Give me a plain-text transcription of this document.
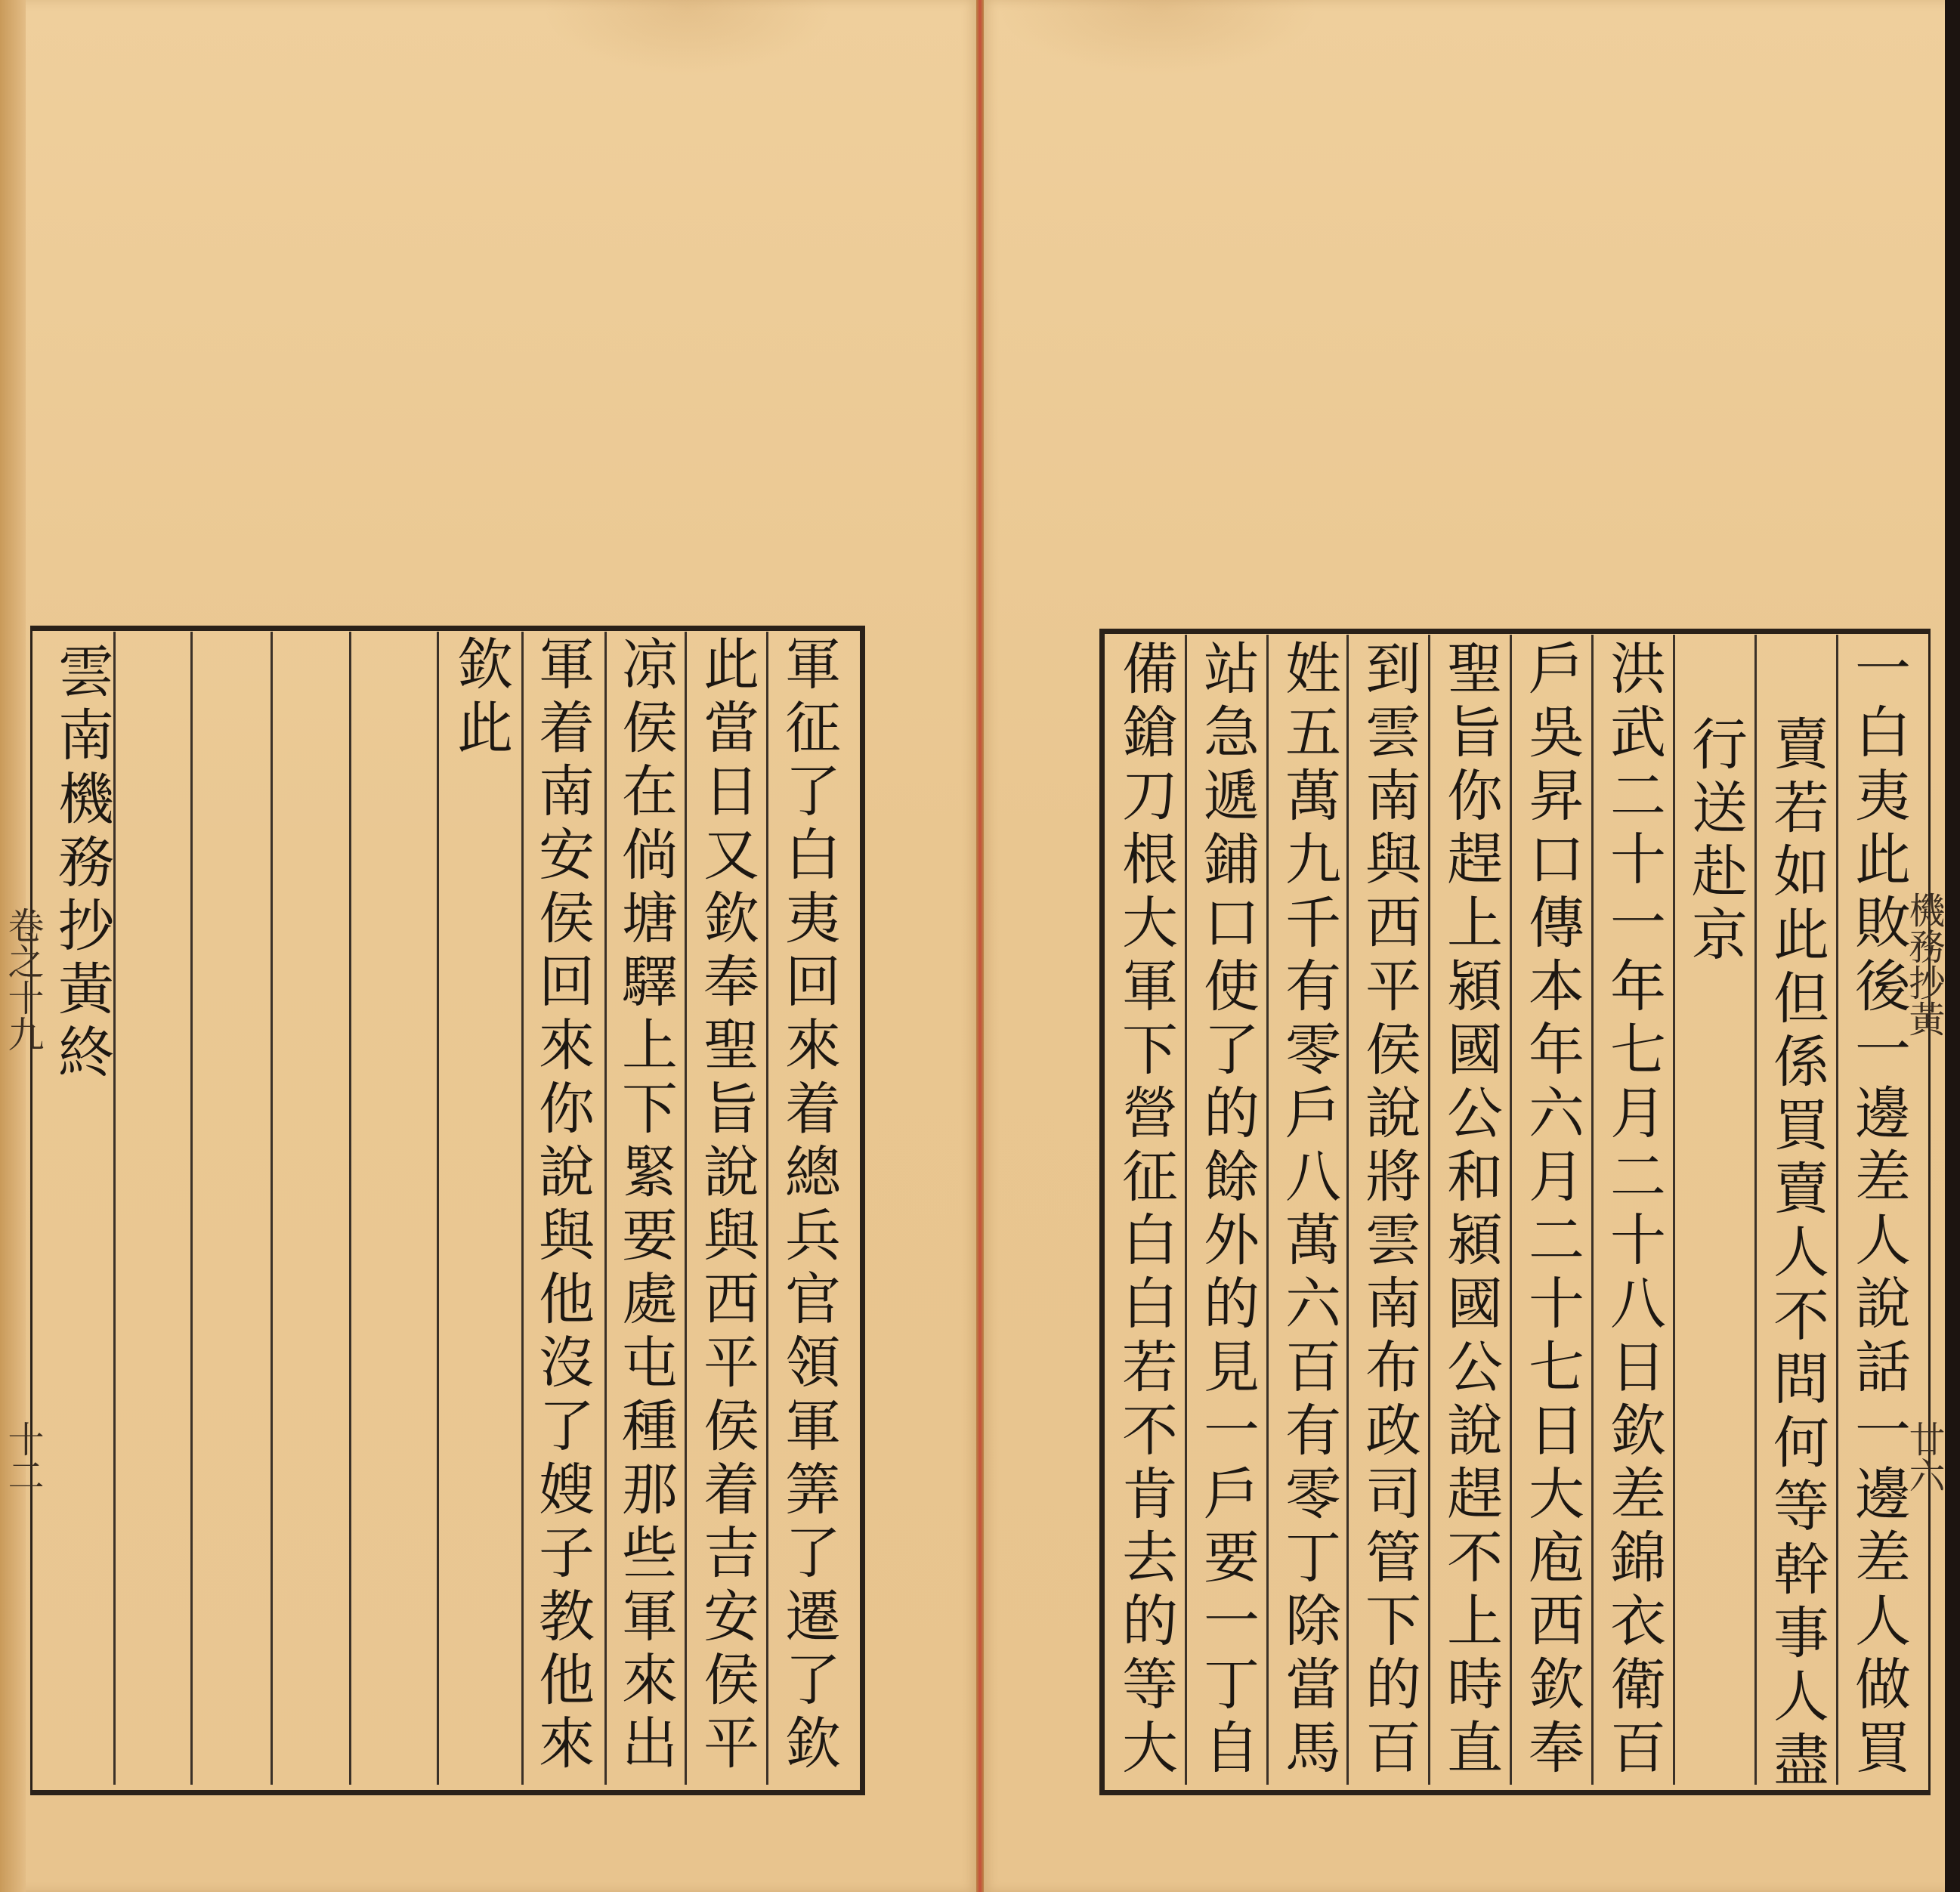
雲南機務抄黃終	欽此 軍着南安侯回來你說與他沒了嫂子教他來 凉侯在倘塘驛上下緊要處屯種那些軍來出 此當日又欽奉聖旨說與西平侯着吉安侯平 軍征了白夷回來着總兵官領軍筭了遷了欽
卷之十九
十二	備鎗刀根大軍下營征白白若不肯去的等大 站急遞鋪口使了的餘外的見一戶要一丁自 姓五萬九千有零戶八萬六百有零丁除當馬 到雲南與西平侯說將雲南布政司管下的百 聖旨你趕上潁國公和潁國公說趕不上時直 戶吳昇口傳本年六月二十七日大庖西欽奉 洪武二十一年七月二十八日欽差錦衣衛百 行送赴京 賣若如此但係買賣人不問何等幹事人盡 一白夷此敗後一邊差人說話一邊差人做買
機務抄黃
廿六
